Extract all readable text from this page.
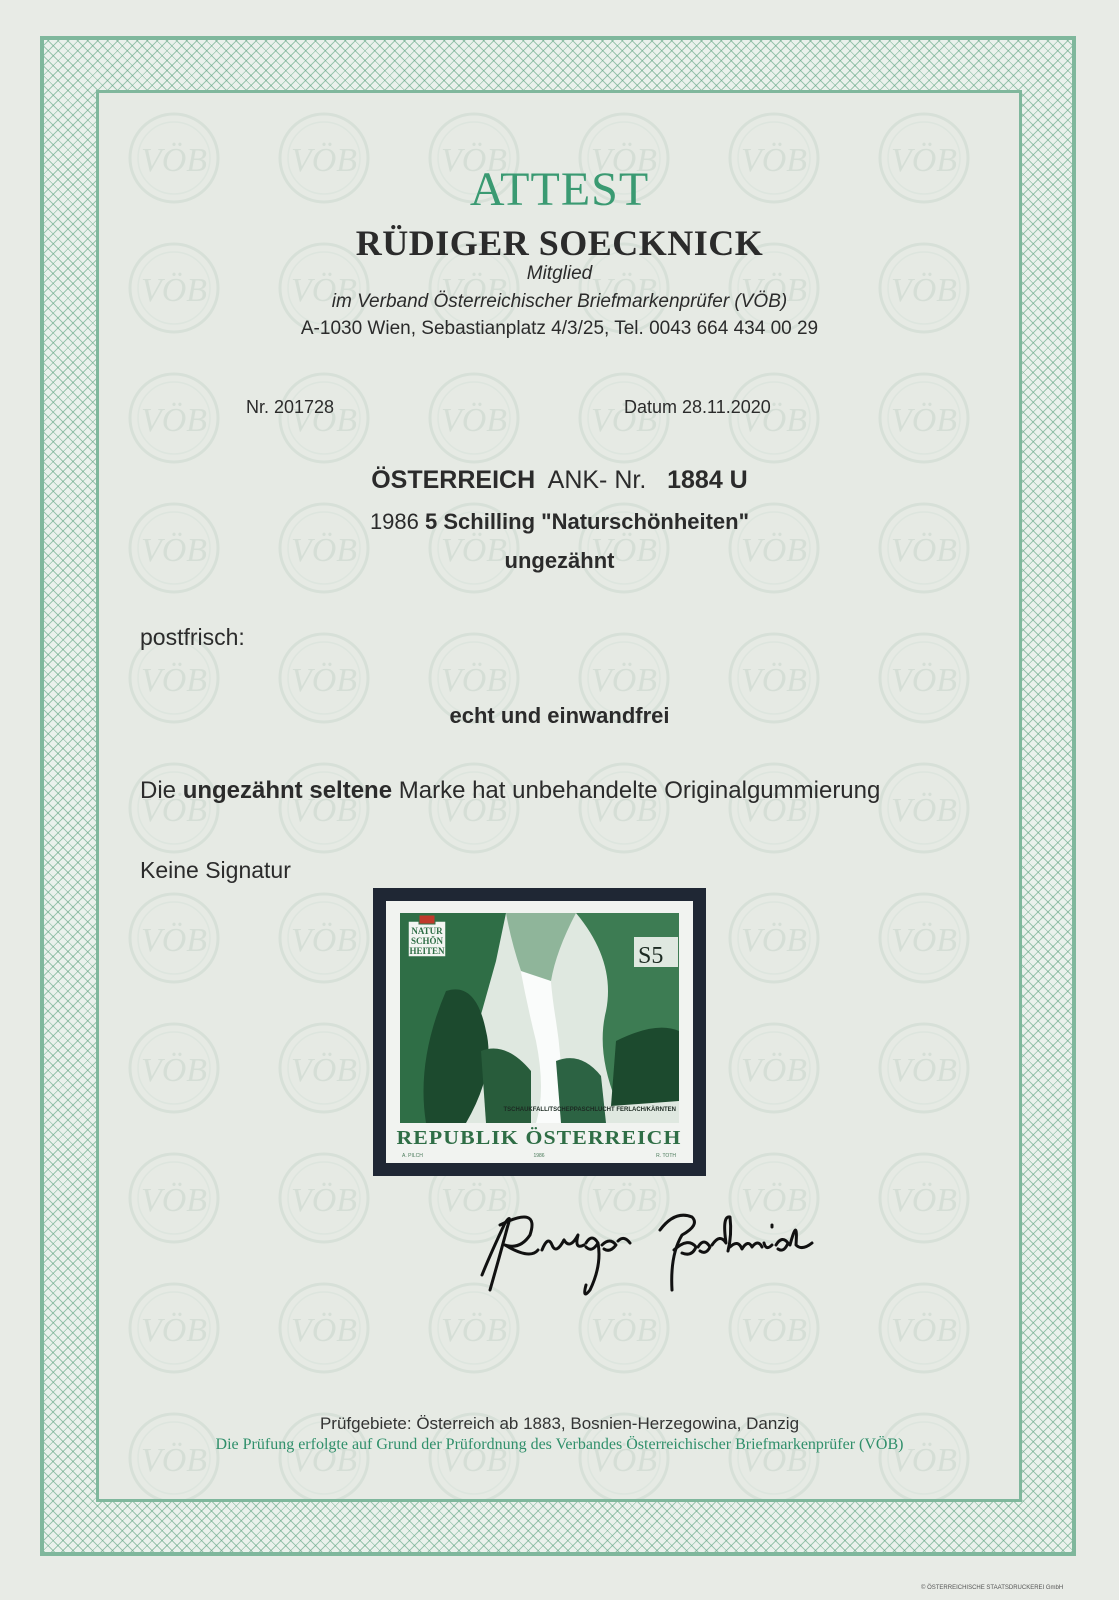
ATTEST
RÜDIGER SOECKNICK
Mitglied
im Verband Österreichischer Briefmarkenprüfer (VÖB)
A-1030 Wien, Sebastianplatz 4/3/25, Tel. 0043 664 434 00 29
Nr. 201728	Datum 28.11.2020
ÖSTERREICH ANK- Nr. 1884 U
1986 5 Schilling "Naturschönheiten"
ungezähnt
postfrisch:
echt und einwandfrei
Die ungezähnt seltene Marke hat unbehandelte Originalgummierung
Keine Signatur
NATUR
SCHÖN
HEITEN	S5
TSCHAUKFALL/TSCHEPPASCHLUCHT FERLACH/KÄRNTEN
REPUBLIK ÖSTERREICH
A. PILCH	1986	R. TOTH
Prüfgebiete: Österreich ab 1883, Bosnien-Herzegowina, Danzig
Die Prüfung erfolgte auf Grund der Prüfordnung des Verbandes Österreichischer Briefmarkenprüfer (VÖB)
© ÖSTERREICHISCHE STAATSDRUCKEREI GmbH
